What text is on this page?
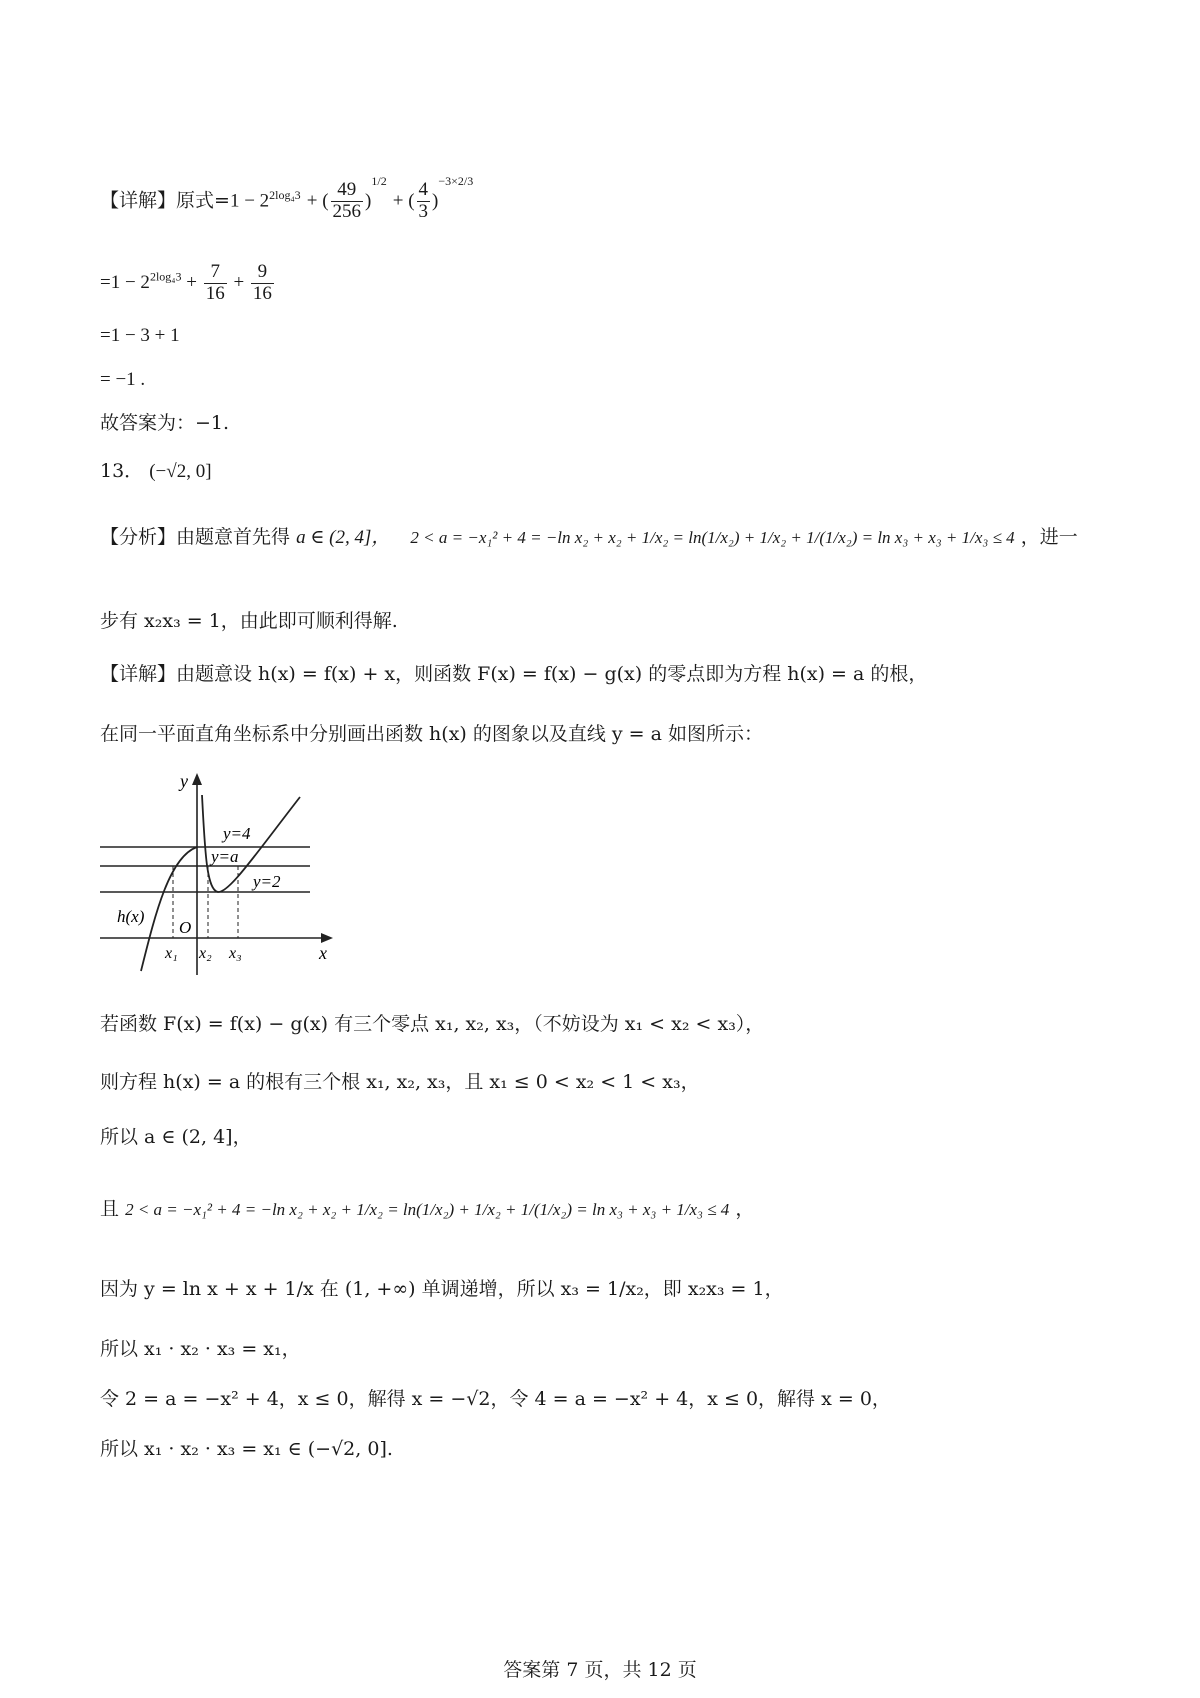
【详解】原式$=1 - 2^{2log_43}$ + ( $\frac{49}{256} )^{1/2}$ + ( $\frac{4}{3} )^{-3\times 2/3}$
$=1 - 2^{2log_43} + \frac{7}{16} + \frac{9}{16}$
=1 − 3 + 1
= −1 .
故答案为：−1.
13． (−√2, 0]
【分析】由题意首先得 a ∈ (2, 4]， 2 < a = −x₁² + 4 = −ln x₂ + x₂ + 1/x₂ = ln(1/x₂) + 1/x₂ + 1/(1/x₂) = ln x₃ + x₃ + 1/x₃ ≤ 4 ，进一
步有 x₂x₃ = 1，由此即可顺利得解.
【详解】由题意设 h(x) = f(x) + x，则函数 F(x) = f(x) − g(x) 的零点即为方程 h(x) = a 的根，
在同一平面直角坐标系中分别画出函数 h(x) 的图象以及直线 y = a 如图所示：
y
x
O
y=4
y=a
y=2
h(x)
x₁ x₂ x₃
若函数 F(x) = f(x) − g(x) 有三个零点 x₁, x₂, x₃，（不妨设为 x₁ < x₂ < x₃），
则方程 h(x) = a 的根有三个根 x₁, x₂, x₃，且 x₁ ≤ 0 < x₂ < 1 < x₃，
所以 a ∈ (2, 4]，
且 2 < a = −x₁² + 4 = −ln x₂ + x₂ + 1/x₂ = ln(1/x₂) + 1/x₂ + 1/(1/x₂) = ln x₃ + x₃ + 1/x₃ ≤ 4 ，
因为 y = ln x + x + 1/x 在 (1, +∞) 单调递增，所以 x₃ = 1/x₂，即 x₂x₃ = 1，
所以 x₁ · x₂ · x₃ = x₁，
令 2 = a = −x² + 4，x ≤ 0，解得 x = −√2，令 4 = a = −x² + 4，x ≤ 0，解得 x = 0，
所以 x₁ · x₂ · x₃ = x₁ ∈ (−√2, 0].
答案第 7 页，共 12 页
